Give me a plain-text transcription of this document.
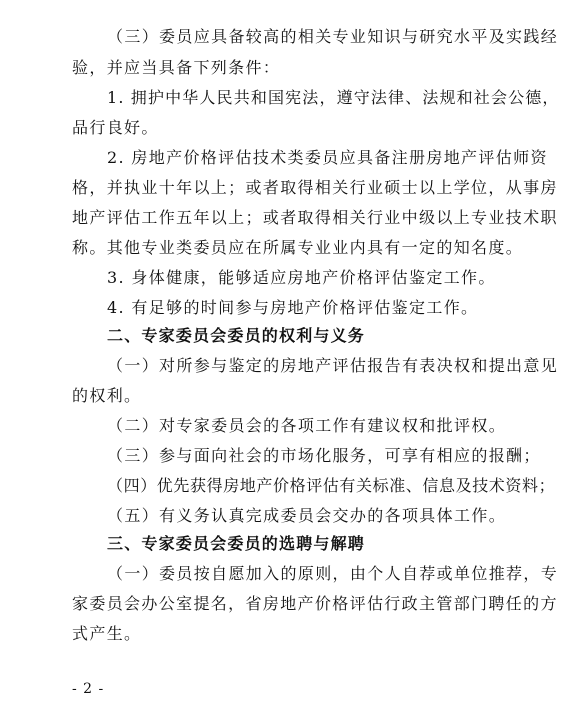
（三）委员应具备较高的相关专业知识与研究水平及实践经
验，并应当具备下列条件：
1. 拥护中华人民共和国宪法，遵守法律、法规和社会公德，
品行良好。
2. 房地产价格评估技术类委员应具备注册房地产评估师资
格，并执业十年以上；或者取得相关行业硕士以上学位，从事房
地产评估工作五年以上；或者取得相关行业中级以上专业技术职
称。其他专业类委员应在所属专业业内具有一定的知名度。
3. 身体健康，能够适应房地产价格评估鉴定工作。
4. 有足够的时间参与房地产价格评估鉴定工作。
二、专家委员会委员的权利与义务
（一）对所参与鉴定的房地产评估报告有表决权和提出意见
的权利。
（二）对专家委员会的各项工作有建议权和批评权。
（三）参与面向社会的市场化服务，可享有相应的报酬；
（四）优先获得房地产价格评估有关标准、信息及技术资料；
（五）有义务认真完成委员会交办的各项具体工作。
三、专家委员会委员的选聘与解聘
（一）委员按自愿加入的原则，由个人自荐或单位推荐，专
家委员会办公室提名，省房地产价格评估行政主管部门聘任的方
式产生。
- 2 -
